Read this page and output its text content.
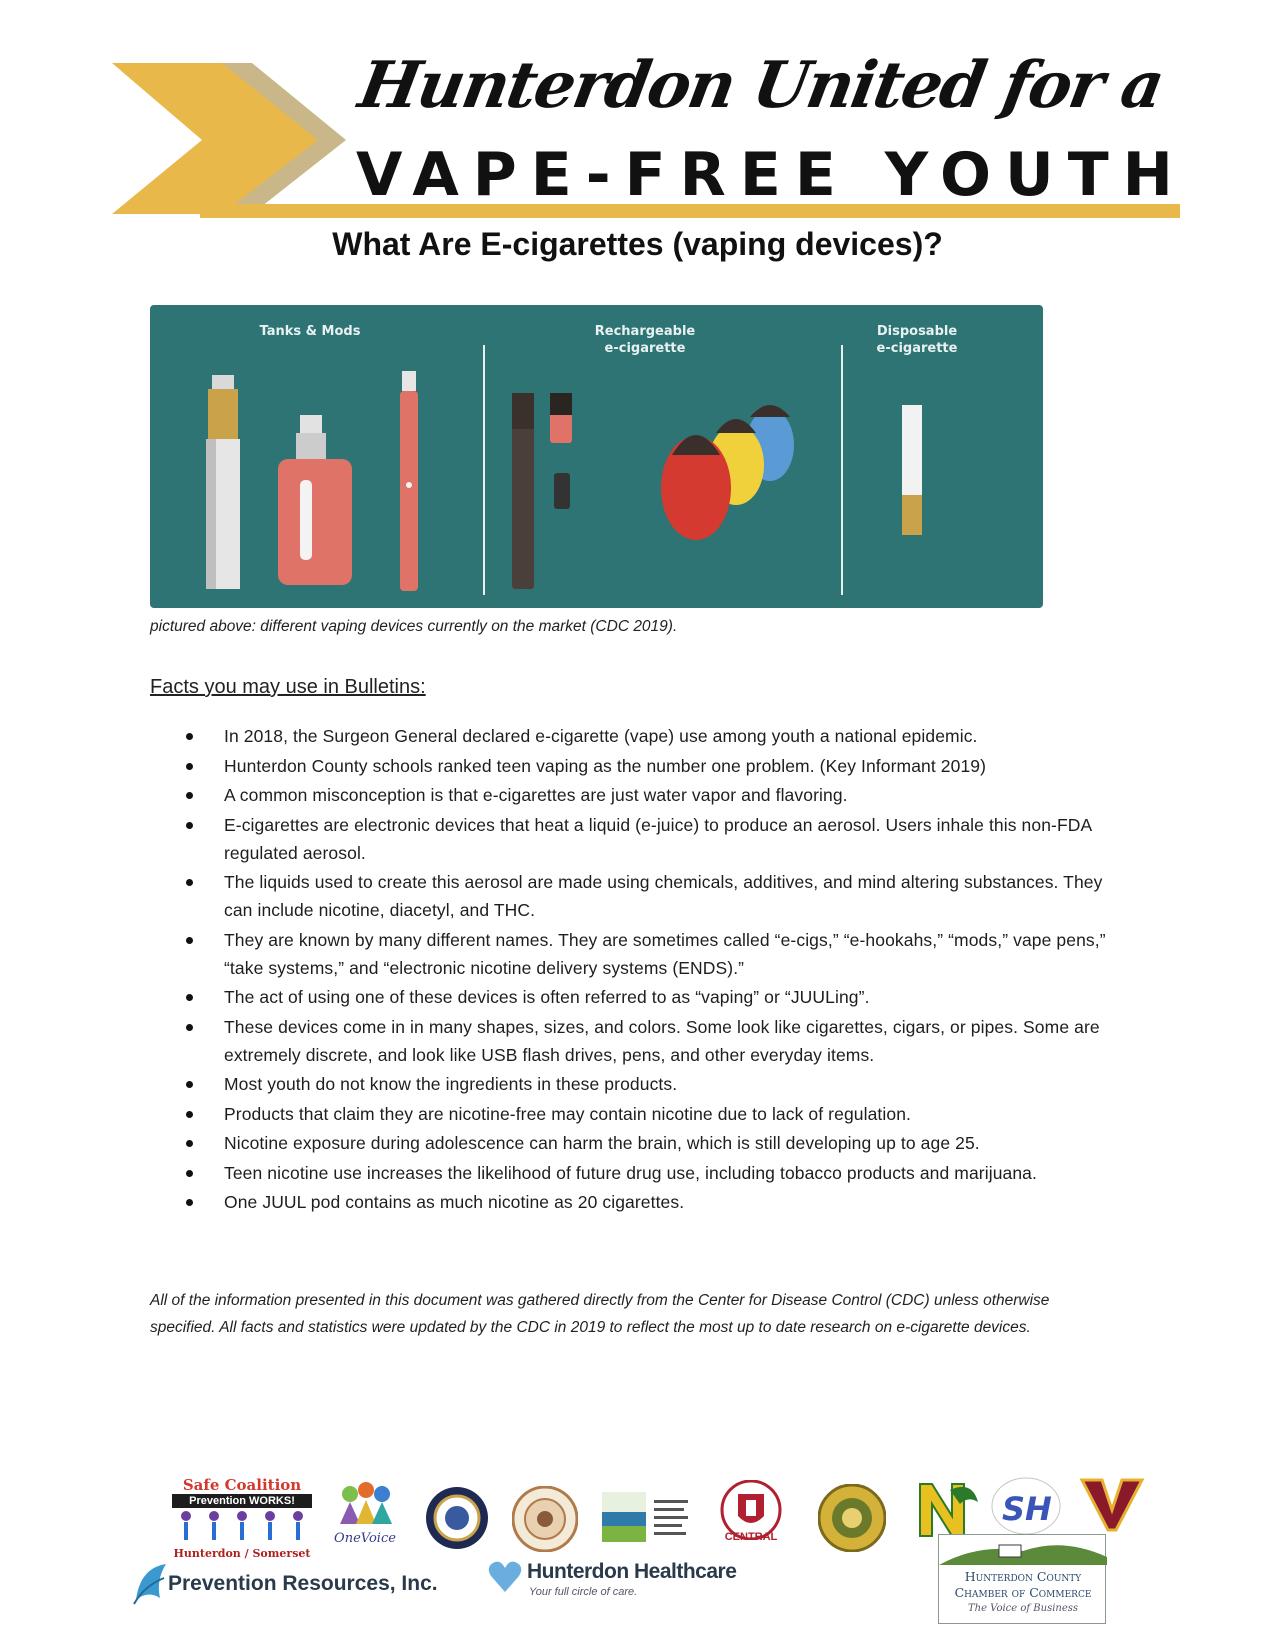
Hunterdon United for a
VAPE-FREE YOUTH
What Are E-cigarettes (vaping devices)?
Tanks & Mods	Rechargeable
e-cigarette
Disposable
e-cigarette
pictured above: different vaping devices currently on the market (CDC 2019).
Facts you may use in Bulletins:
In 2018, the Surgeon General declared e-cigarette (vape) use among youth a national epidemic.
Hunterdon County schools ranked teen vaping as the number one problem. (Key Informant 2019)
A common misconception is that e-cigarettes are just water vapor and flavoring.
E-cigarettes are electronic devices that heat a liquid (e-juice) to produce an aerosol. Users inhale this non-FDA regulated aerosol.
The liquids used to create this aerosol are made using chemicals, additives, and mind altering substances. They can include nicotine, diacetyl, and THC.
They are known by many different names. They are sometimes called “e-cigs,” “e-hookahs,” “mods,” vape pens,” “take systems,” and “electronic nicotine delivery systems (ENDS).”
The act of using one of these devices is often referred to as “vaping” or “JUULing”.
These devices come in in many shapes, sizes, and colors. Some look like cigarettes, cigars, or pipes. Some are extremely discrete, and look like USB flash drives, pens, and other everyday items.
Most youth do not know the ingredients in these products.
Products that claim they are nicotine-free may contain nicotine due to lack of regulation.
Nicotine exposure during adolescence can harm the brain, which is still developing up to age 25.
Teen nicotine use increases the likelihood of future drug use, including tobacco products and marijuana.
One JUUL pod contains as much nicotine as 20 cigarettes.
All of the information presented in this document was gathered directly from the Center for Disease Control (CDC) unless otherwise specified. All facts and statistics were updated by the CDC in 2019 to reflect the most up to date research on e-cigarette devices.
Safe Coalition
Prevention WORKS!
Hunterdon / Somerset
OneVoice	CENTRAL
SH
Prevention Resources, Inc.
Hunterdon Healthcare
Your full circle of care.
Hunterdon County
Chamber of Commerce
The Voice of Business
